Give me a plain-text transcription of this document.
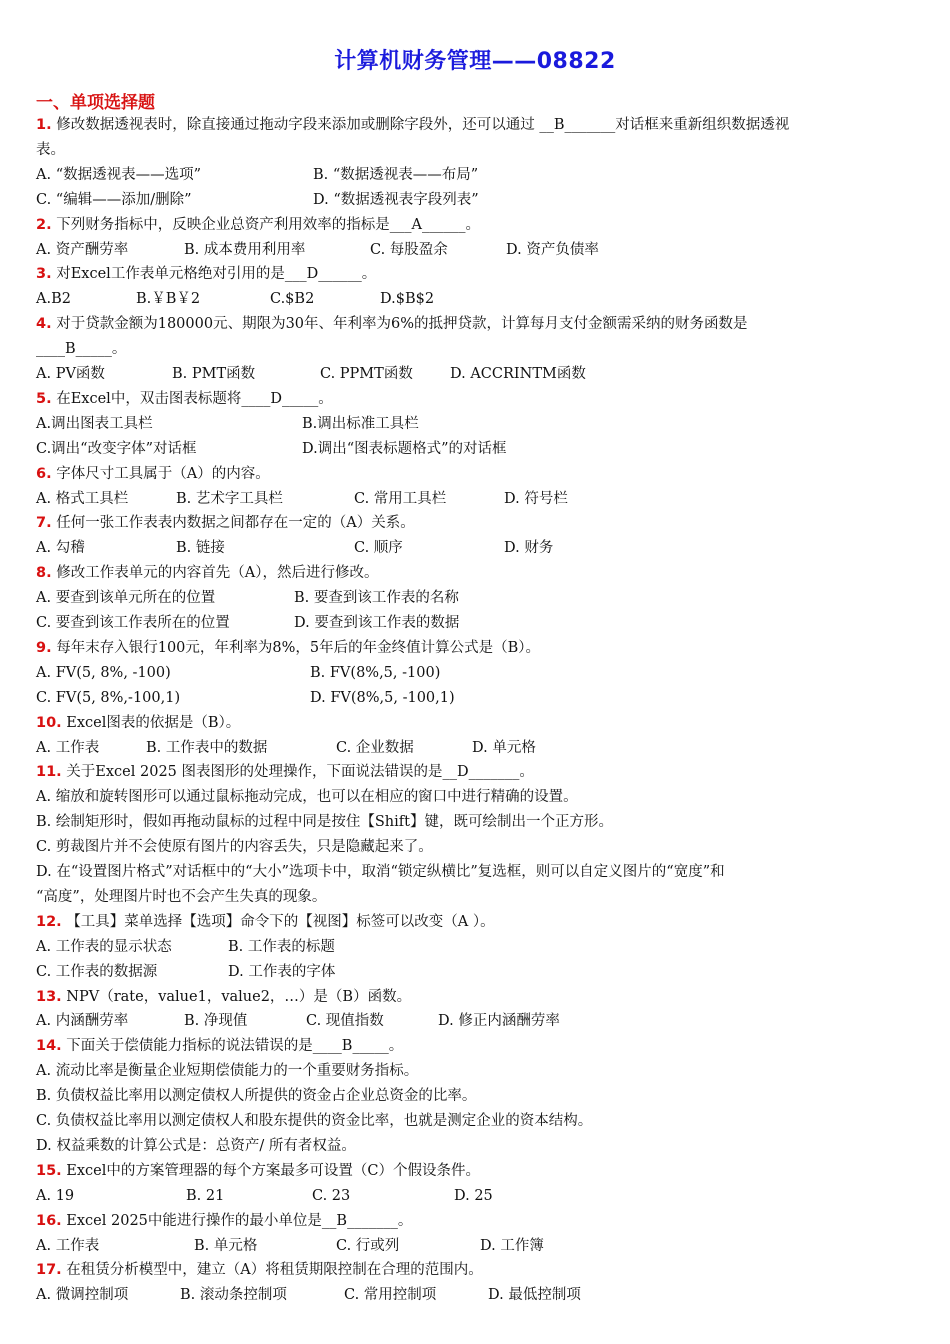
计算机财务管理——08822
一、单项选择题
1. 修改数据透视表时，除直接通过拖动字段来添加或删除字段外，还可以通过 __B_______对话框来重新组织数据透视
表。
A. “数据透视表——选项”	B. “数据透视表——布局”
C. “编辑——添加/删除”	D. “数据透视表字段列表”
2. 下列财务指标中，反映企业总资产利用效率的指标是___A______。
A. 资产酬劳率	B. 成本费用利用率	C. 每股盈余	D. 资产负债率
3. 对Excel工作表单元格绝对引用的是___D______。
A.B2	B.￥B￥2	C.$B2	D.$B$2
4. 对于贷款金额为180000元、期限为30年、年利率为6%的抵押贷款，计算每月支付金额需采纳的财务函数是
____B_____。
A. PV函数	B. PMT函数	C. PPMT函数	D. ACCRINTM函数
5. 在Excel中，双击图表标题将____D_____。
A.调出图表工具栏	B.调出标准工具栏
C.调出“改变字体”对话框	D.调出“图表标题格式”的对话框
6. 字体尺寸工具属于（A）的内容。
A. 格式工具栏	B. 艺术字工具栏	C. 常用工具栏	D. 符号栏
7. 任何一张工作表表内数据之间都存在一定的（A）关系。
A. 勾稽	B. 链接	C. 顺序	D. 财务
8. 修改工作表单元的内容首先（A），然后进行修改。
A. 要查到该单元所在的位置	B. 要查到该工作表的名称
C. 要查到该工作表所在的位置	D. 要查到该工作表的数据
9. 每年末存入银行100元，年利率为8%，5年后的年金终值计算公式是（B）。
A. FV(5, 8%, -100)	B. FV(8%,5, -100)
C. FV(5, 8%,-100,1)	D. FV(8%,5, -100,1)
10. Excel图表的依据是（B）。
A. 工作表	B. 工作表中的数据	C. 企业数据	D. 单元格
11. 关于Excel 2025 图表图形的处理操作，下面说法错误的是__D_______。
A. 缩放和旋转图形可以通过鼠标拖动完成，也可以在相应的窗口中进行精确的设置。
B. 绘制矩形时，假如再拖动鼠标的过程中同是按住【Shift】键，既可绘制出一个正方形。
C. 剪裁图片并不会使原有图片的内容丢失，只是隐藏起来了。
D. 在“设置图片格式”对话框中的“大小”选项卡中，取消“锁定纵横比”复选框，则可以自定义图片的“宽度”和
“高度”，处理图片时也不会产生失真的现象。
12. 【工具】菜单选择【选项】命令下的【视图】标签可以改变（A ）。
A. 工作表的显示状态	B. 工作表的标题
C. 工作表的数据源	D. 工作表的字体
13. NPV（rate，value1，value2，…）是（B）函数。
A. 内涵酬劳率	B. 净现值	C. 现值指数	D. 修正内涵酬劳率
14. 下面关于偿债能力指标的说法错误的是____B_____。
A. 流动比率是衡量企业短期偿债能力的一个重要财务指标。
B. 负债权益比率用以测定债权人所提供的资金占企业总资金的比率。
C. 负债权益比率用以测定债权人和股东提供的资金比率，也就是测定企业的资本结构。
D. 权益乘数的计算公式是：总资产/ 所有者权益。
15. Excel中的方案管理器的每个方案最多可设置（C）个假设条件。
A. 19	B. 21	C. 23	D. 25
16. Excel 2025中能进行操作的最小单位是__B_______。
A. 工作表	B. 单元格	C. 行或列	D. 工作簿
17. 在租赁分析模型中，建立（A）将租赁期限控制在合理的范围内。
A. 微调控制项	B. 滚动条控制项	C. 常用控制项	D. 最低控制项
